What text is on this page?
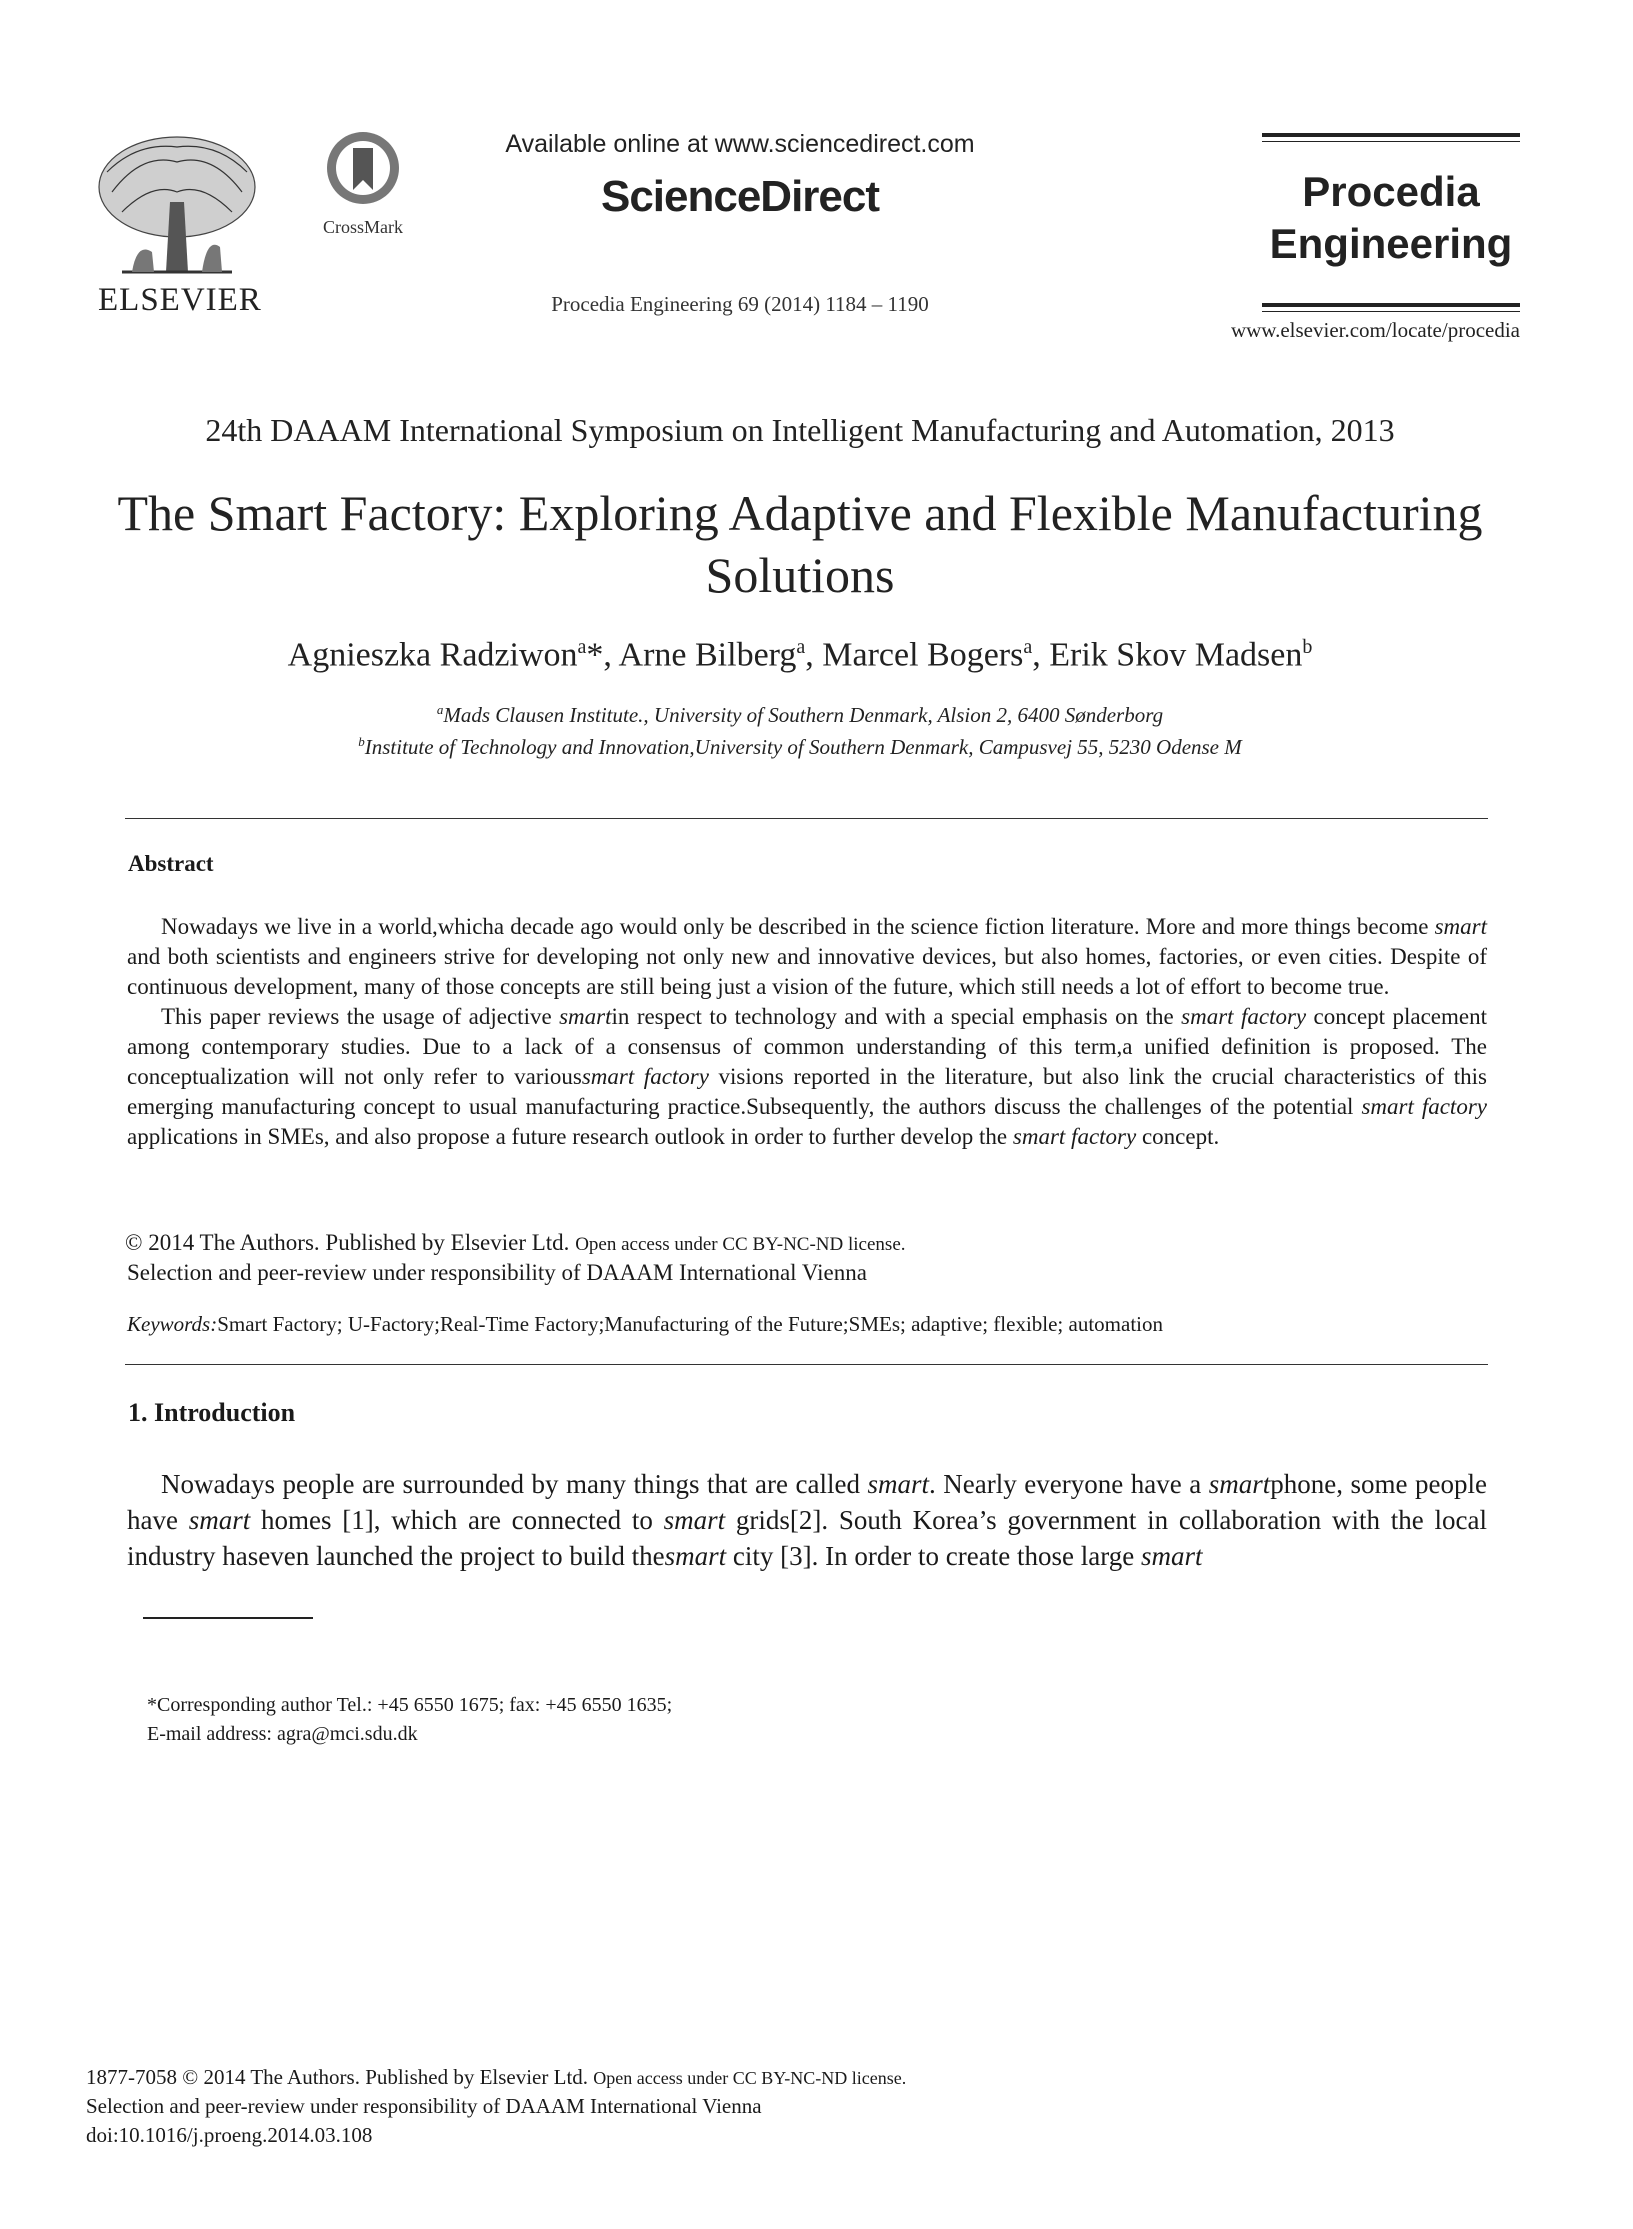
ELSEVIER
CrossMark
Available online at www.sciencedirect.com
ScienceDirect
Procedia Engineering 69 (2014) 1184 – 1190
Procedia
Engineering
www.elsevier.com/locate/procedia
24th DAAAM International Symposium on Intelligent Manufacturing and Automation, 2013
The Smart Factory: Exploring Adaptive and Flexible Manufacturing
Solutions
Agnieszka Radziwon$^a$*, Arne Bilberg$^a$, Marcel Bogers$^a$, Erik Skov Madsen$^b$
$^a$Mads Clausen Institute., University of Southern Denmark, Alsion 2, 6400 Sønderborg
$^b$Institute of Technology and Innovation,University of Southern Denmark, Campusvej 55, 5230 Odense M
Abstract

Nowadays we live in a world,whicha decade ago would only be described in the science fiction literature. More and more things become smart and both scientists and engineers strive for developing not only new and innovative devices, but also homes, factories, or even cities. Despite of continuous development, many of those concepts are still being just a vision of the future, which still needs a lot of effort to become true.

This paper reviews the usage of adjective smartin respect to technology and with a special emphasis on the smart factory concept placement among contemporary studies. Due to a lack of a consensus of common understanding of this term,a unified definition is proposed. The conceptualization will not only refer to varioussmart factory visions reported in the literature, but also link the crucial characteristics of this emerging manufacturing concept to usual manufacturing practice.Subsequently, the authors discuss the challenges of the potential smart factory applications in SMEs, and also propose a future research outlook in order to further develop the smart factory concept.

© 2014 The Authors. Published by Elsevier Ltd. Open access under CC BY-NC-ND license.
Selection and peer-review under responsibility of DAAAM International Vienna
Keywords:Smart Factory; U-Factory;Real-Time Factory;Manufacturing of the Future;SMEs; adaptive; flexible; automation
1. Introduction

Nowadays people are surrounded by many things that are called smart. Nearly everyone have a smartphone, some people have smart homes [1], which are connected to smart grids[2]. South Korea’s government in collaboration with the local industry haseven launched the project to build thesmart city [3]. In order to create those large smart

*Corresponding author Tel.: +45 6550 1675; fax: +45 6550 1635;
E-mail address: agra@mci.sdu.dk
1877-7058 © 2014 The Authors. Published by Elsevier Ltd. Open access under CC BY-NC-ND license.
Selection and peer-review under responsibility of DAAAM International Vienna
doi:10.1016/j.proeng.2014.03.108
